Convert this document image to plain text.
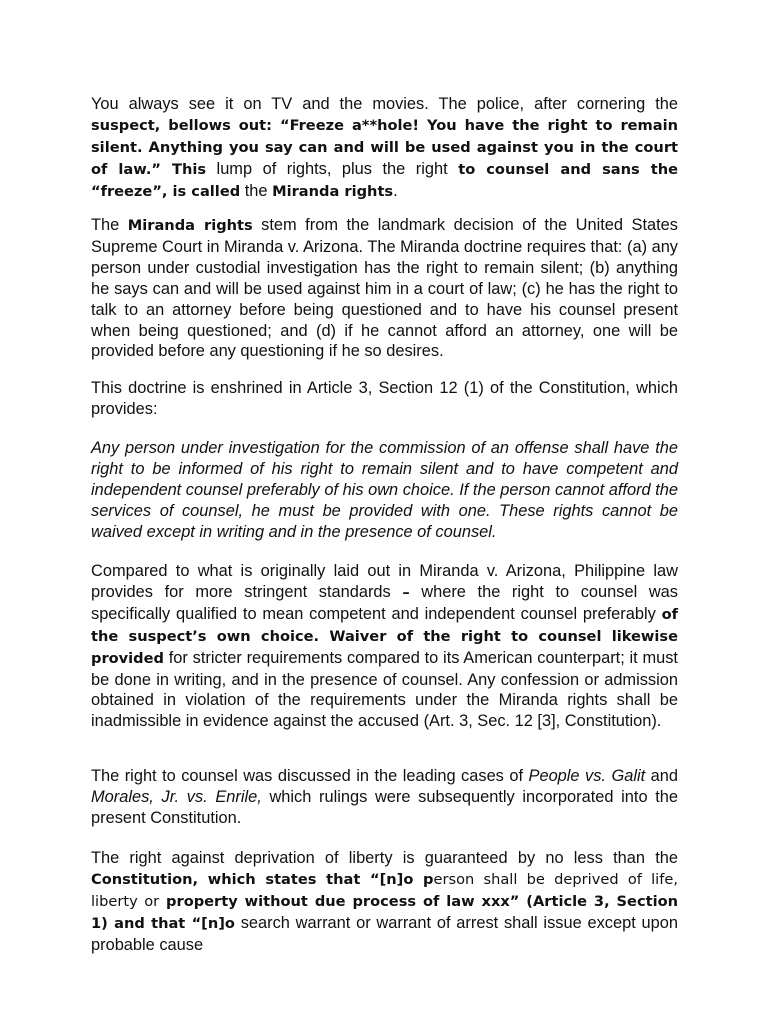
You always see it on TV and the movies. The police, after cornering the suspect, bellows out: “Freeze a**hole! You have the right to remain silent. Anything you say can and will be used against you in the court of law.” This lump of rights, plus the right to counsel and sans the “freeze”, is called the Miranda rights.

The Miranda rights stem from the landmark decision of the United States Supreme Court in Miranda v. Arizona. The Miranda doctrine requires that: (a) any person under custodial investigation has the right to remain silent; (b) anything he says can and will be used against him in a court of law; (c) he has the right to talk to an attorney before being questioned and to have his counsel present when being questioned; and (d) if he cannot afford an attorney, one will be provided before any questioning if he so desires.

This doctrine is enshrined in Article 3, Section 12 (1) of the Constitution, which provides:

Any person under investigation for the commission of an offense shall have the right to be informed of his right to remain silent and to have competent and independent counsel preferably of his own choice. If the person cannot afford the services of counsel, he must be provided with one. These rights cannot be waived except in writing and in the presence of counsel.

Compared to what is originally laid out in Miranda v. Arizona, Philippine law provides for more stringent standards – where the right to counsel was specifically qualified to mean competent and independent counsel preferably of the suspect’s own choice. Waiver of the right to counsel likewise provided for stricter requirements compared to its American counterpart; it must be done in writing, and in the presence of counsel. Any confession or admission obtained in violation of the requirements under the Miranda rights shall be inadmissible in evidence against the accused (Art. 3, Sec. 12 [3], Constitution).

The right to counsel was discussed in the leading cases of People vs. Galit and Morales, Jr. vs. Enrile, which rulings were subsequently incorporated into the present Constitution.

The right against deprivation of liberty is guaranteed by no less than the Constitution, which states that “[n]o person shall be deprived of life, liberty or property without due process of law xxx” (Article 3, Section 1) and that “[n]o search warrant or warrant of arrest shall issue except upon probable cause
